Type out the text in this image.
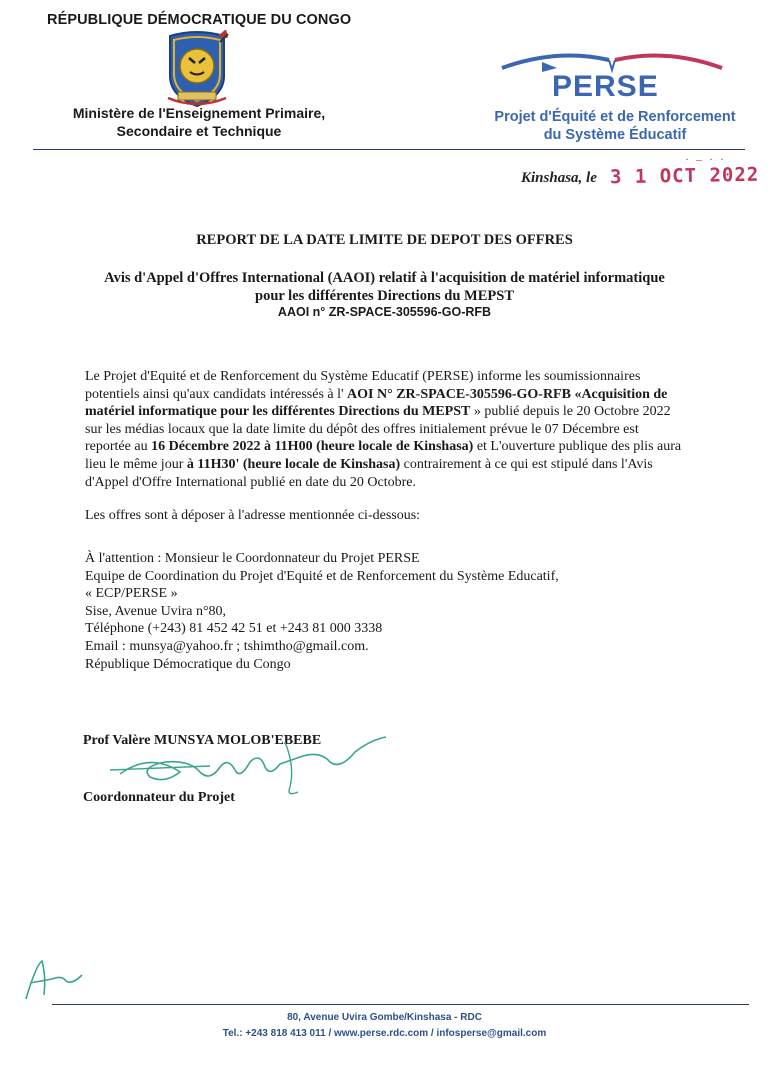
RÉPUBLIQUE DÉMOCRATIQUE DU CONGO
Ministère de l'Enseignement Primaire,
Secondaire et Technique
PERSE
Projet d'Équité et de Renforcement
du Système Éducatif
Kinshasa, le
· – · ·
3 1 OCT 2022
REPORT DE LA DATE LIMITE DE DEPOT DES OFFRES
Avis d'Appel d'Offres International (AAOI) relatif à l'acquisition de matériel informatique
pour les différentes Directions du MEPST
AAOI n° ZR-SPACE-305596-GO-RFB
Le Projet d'Equité et de Renforcement du Système Educatif (PERSE) informe les soumissionnaires
potentiels ainsi qu'aux candidats intéressés à l' AOI N° ZR-SPACE-305596-GO-RFB «Acquisition de
matériel informatique pour les différentes Directions du MEPST » publié depuis le 20 Octobre 2022
sur les médias locaux que la date limite du dépôt des offres initialement prévue le 07 Décembre est
reportée au 16 Décembre 2022 à 11H00 (heure locale de Kinshasa) et L'ouverture publique des plis aura
lieu le même jour à 11H30' (heure locale de Kinshasa) contrairement à ce qui est stipulé dans l'Avis
d'Appel d'Offre International publié en date du 20 Octobre.
Les offres sont à déposer à l'adresse mentionnée ci-dessous:
À l'attention : Monsieur le Coordonnateur du Projet PERSE
Equipe de Coordination du Projet d'Equité et de Renforcement du Système Educatif,
« ECP/PERSE »
Sise, Avenue Uvira n°80,
Téléphone (+243) 81 452 42 51 et +243 81 000 3338
Email : munsya@yahoo.fr ; tshimtho@gmail.com.
République Démocratique du Congo
Prof Valère MUNSYA MOLOB'EBEBE
Coordonnateur du Projet
80, Avenue Uvira Gombe/Kinshasa - RDC
Tel.: +243 818 413 011 / www.perse.rdc.com / infosperse@gmail.com
